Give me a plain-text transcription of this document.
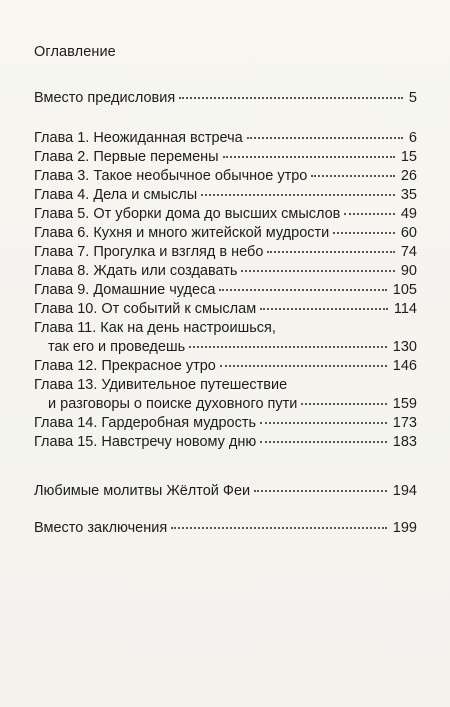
Оглавление
Вместо предисловия	5
Глава 1. Неожиданная встреча	6
Глава 2. Первые перемены	15
Глава 3. Такое необычное обычное утро	26
Глава 4. Дела и смыслы	35
Глава 5. От уборки дома до высших смыслов	49
Глава 6. Кухня и много житейской мудрости	60
Глава 7. Прогулка и взгляд в небо	74
Глава 8. Ждать или создавать	90
Глава 9. Домашние чудеса	105
Глава 10. От событий к смыслам	114
Глава 11. Как на день настроишься,
так его и проведешь	130
Глава 12. Прекрасное утро	146
Глава 13. Удивительное путешествие
и разговоры о поиске духовного пути	159
Глава 14. Гардеробная мудрость	173
Глава 15. Навстречу новому дню	183
Любимые молитвы Жёлтой Феи	194
Вместо заключения	199
